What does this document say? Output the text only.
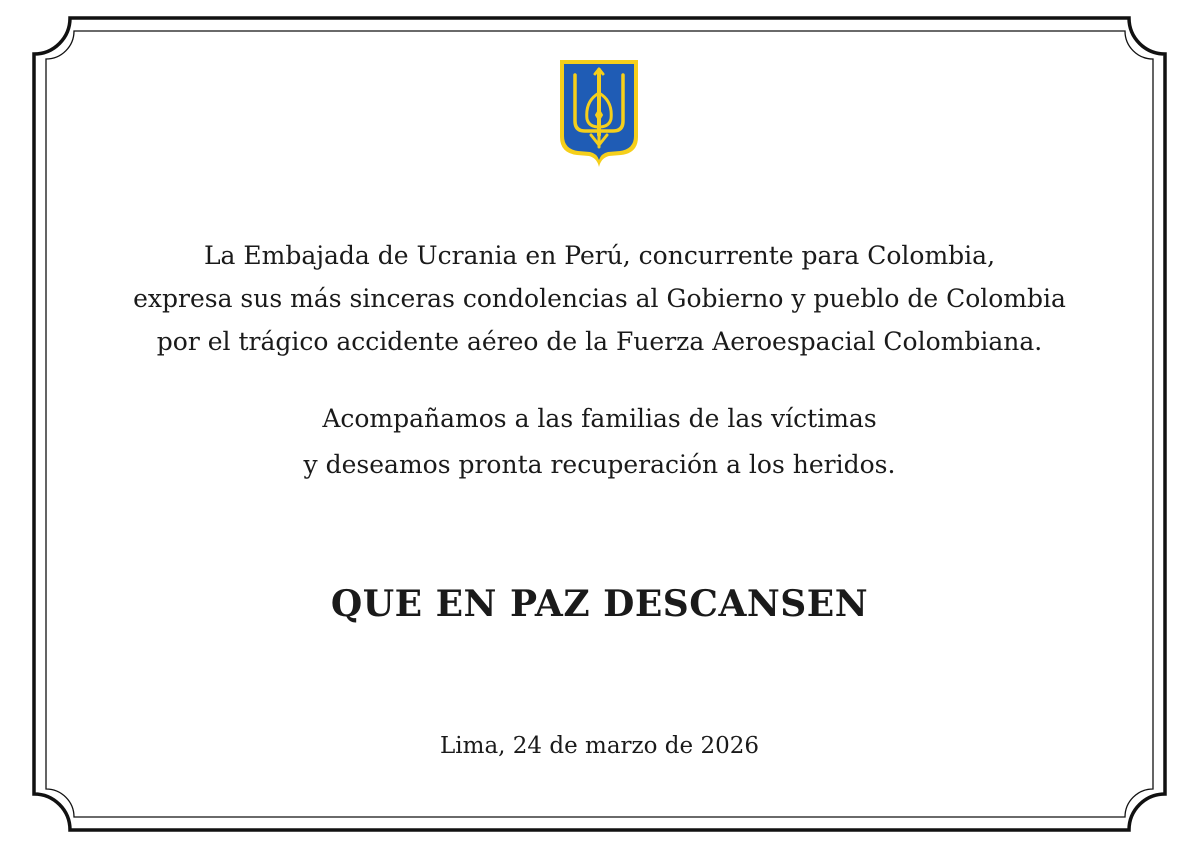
La Embajada de Ucrania en Perú, concurrente para Colombia,
expresa sus más sinceras condolencias al Gobierno y pueblo de Colombia
por el trágico accidente aéreo de la Fuerza Aeroespacial Colombiana.
Acompañamos a las familias de las víctimas
y deseamos pronta recuperación a los heridos.
QUE EN PAZ DESCANSEN
Lima, 24 de marzo de 2026
